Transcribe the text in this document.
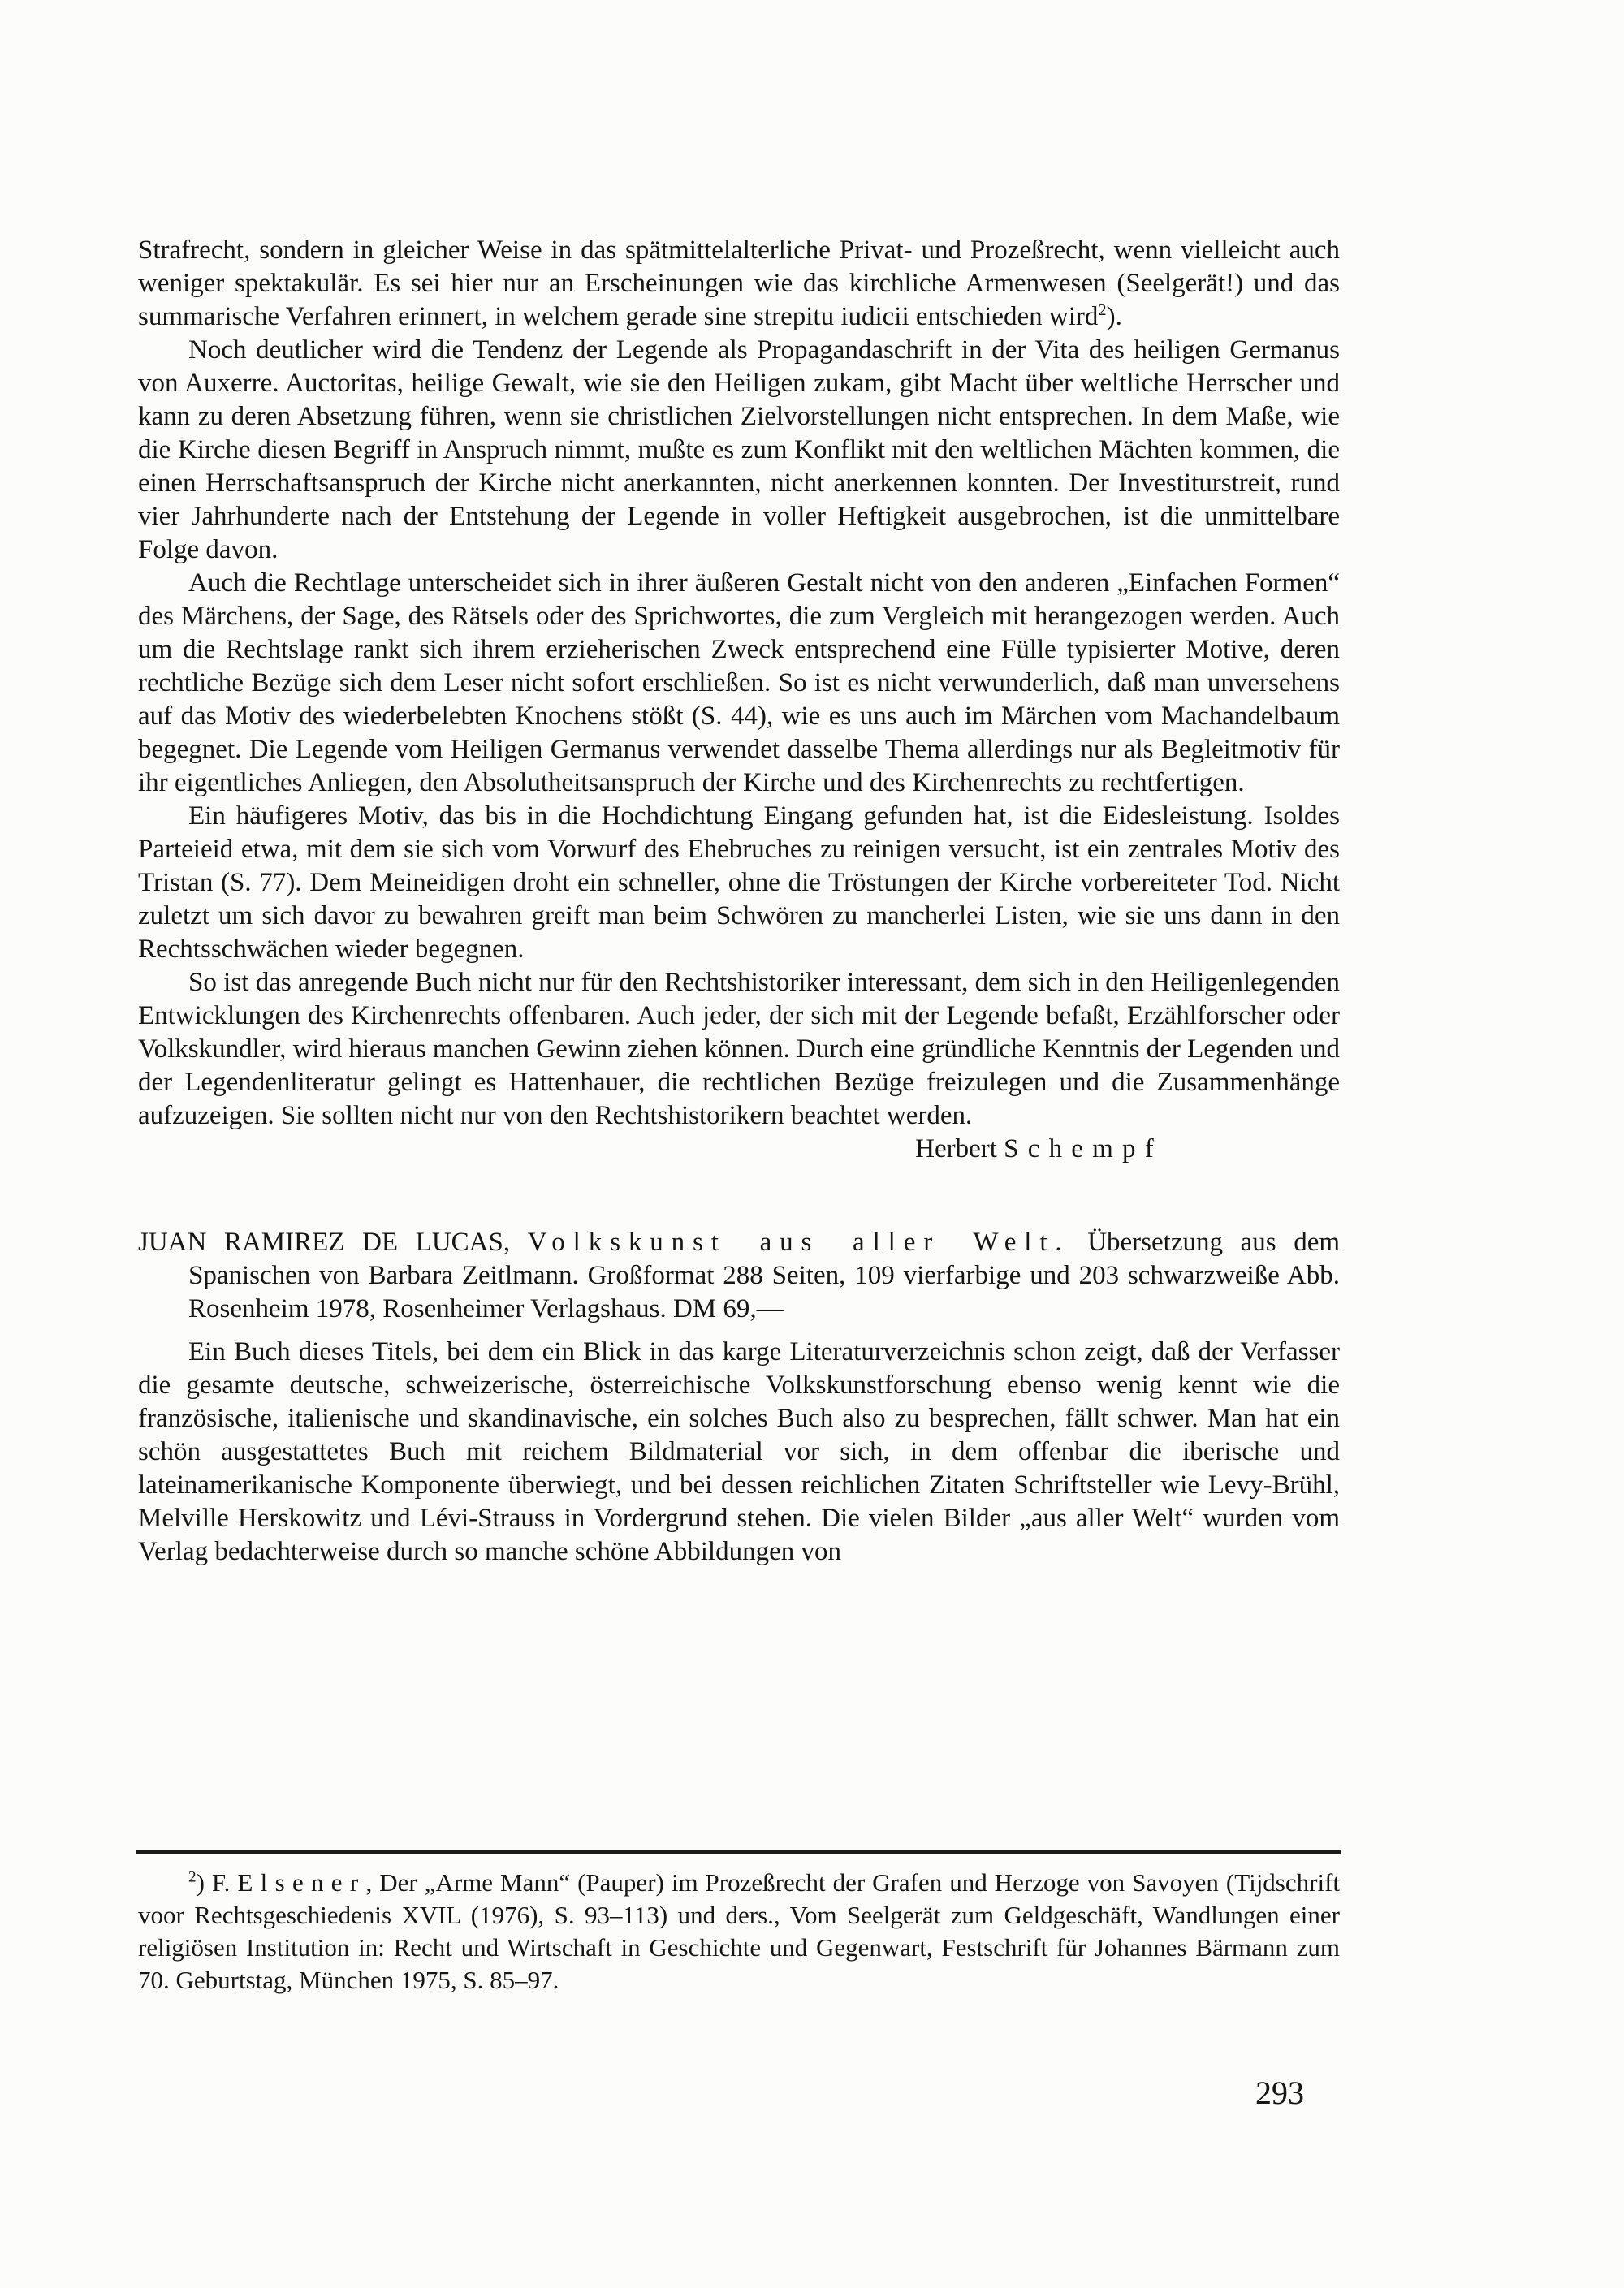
Strafrecht, sondern in gleicher Weise in das spätmittelalterliche Privat- und Prozeßrecht, wenn vielleicht auch weniger spektakulär. Es sei hier nur an Erscheinungen wie das kirchliche Armenwesen (Seelgerät!) und das summarische Verfahren erinnert, in welchem gerade sine strepitu iudicii entschieden wird$^2$).

Noch deutlicher wird die Tendenz der Legende als Propagandaschrift in der Vita des heiligen Germanus von Auxerre. Auctoritas, heilige Gewalt, wie sie den Heiligen zukam, gibt Macht über weltliche Herrscher und kann zu deren Absetzung führen, wenn sie christlichen Zielvorstellungen nicht entsprechen. In dem Maße, wie die Kirche diesen Begriff in Anspruch nimmt, mußte es zum Konflikt mit den weltlichen Mächten kommen, die einen Herrschaftsanspruch der Kirche nicht anerkannten, nicht anerkennen konnten. Der Investiturstreit, rund vier Jahrhunderte nach der Entstehung der Legende in voller Heftigkeit ausgebrochen, ist die unmittelbare Folge davon.

Auch die Rechtlage unterscheidet sich in ihrer äußeren Gestalt nicht von den anderen „Einfachen Formen“ des Märchens, der Sage, des Rätsels oder des Sprichwortes, die zum Vergleich mit herangezogen werden. Auch um die Rechtslage rankt sich ihrem erzieherischen Zweck entsprechend eine Fülle typisierter Motive, deren rechtliche Bezüge sich dem Leser nicht sofort erschließen. So ist es nicht verwunderlich, daß man unversehens auf das Motiv des wiederbelebten Knochens stößt (S. 44), wie es uns auch im Märchen vom Machandelbaum begegnet. Die Legende vom Heiligen Germanus verwendet dasselbe Thema allerdings nur als Begleitmotiv für ihr eigentliches Anliegen, den Absolutheitsanspruch der Kirche und des Kirchenrechts zu rechtfertigen.

Ein häufigeres Motiv, das bis in die Hochdichtung Eingang gefunden hat, ist die Eidesleistung. Isoldes Parteieid etwa, mit dem sie sich vom Vorwurf des Ehebruches zu reinigen versucht, ist ein zentrales Motiv des Tristan (S. 77). Dem Meineidigen droht ein schneller, ohne die Tröstungen der Kirche vorbereiteter Tod. Nicht zuletzt um sich davor zu bewahren greift man beim Schwören zu mancherlei Listen, wie sie uns dann in den Rechtsschwächen wieder begegnen.

So ist das anregende Buch nicht nur für den Rechtshistoriker interessant, dem sich in den Heiligenlegenden Entwicklungen des Kirchenrechts offenbaren. Auch jeder, der sich mit der Legende befaßt, Erzählforscher oder Volkskundler, wird hieraus manchen Gewinn ziehen können. Durch eine gründliche Kenntnis der Legenden und der Legendenliteratur gelingt es Hattenhauer, die rechtlichen Bezüge freizulegen und die Zusammenhänge aufzuzeigen. Sie sollten nicht nur von den Rechtshistorikern beachtet werden.

Herbert Schempf

JUAN RAMIREZ DE LUCAS, Volkskunst aus aller Welt. Übersetzung aus dem Spanischen von Barbara Zeitlmann. Großformat 288 Seiten, 109 vierfarbige und 203 schwarzweiße Abb. Rosenheim 1978, Rosenheimer Verlagshaus. DM 69,—

Ein Buch dieses Titels, bei dem ein Blick in das karge Literaturverzeichnis schon zeigt, daß der Verfasser die gesamte deutsche, schweizerische, österreichische Volkskunstforschung ebenso wenig kennt wie die französische, italienische und skandinavische, ein solches Buch also zu besprechen, fällt schwer. Man hat ein schön ausgestattetes Buch mit reichem Bildmaterial vor sich, in dem offenbar die iberische und lateinamerikanische Komponente überwiegt, und bei dessen reichlichen Zitaten Schriftsteller wie Levy-Brühl, Melville Herskowitz und Lévi-Strauss in Vordergrund stehen. Die vielen Bilder „aus aller Welt“ wurden vom Verlag bedachterweise durch so manche schöne Abbildungen von

$^2$) F. Elsener, Der „Arme Mann“ (Pauper) im Prozeßrecht der Grafen und Herzoge von Savoyen (Tijdschrift voor Rechtsgeschiedenis XVIL (1976), S. 93–113) und ders., Vom Seelgerät zum Geldgeschäft, Wandlungen einer religiösen Institution in: Recht und Wirtschaft in Geschichte und Gegenwart, Festschrift für Johannes Bärmann zum 70. Geburtstag, München 1975, S. 85–97.

293
